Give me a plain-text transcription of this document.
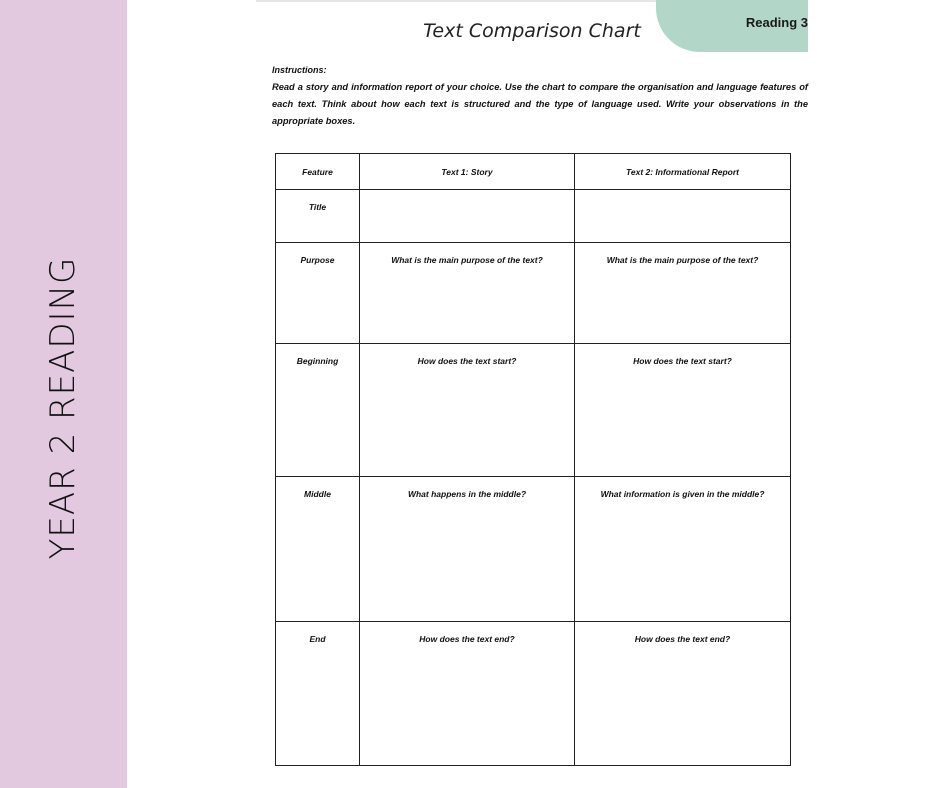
YEAR 2 READING
Reading 3
Text Comparison Chart
Instructions:
Read a story and information report of your choice. Use the chart to compare the organisation and language features of each text. Think about how each text is structured and the type of language used. Write your observations in the appropriate boxes.
Feature	Text 1: Story	Text 2: Informational Report
Title		
Purpose	What is the main purpose of the text?	What is the main purpose of the text?
Beginning	How does the text start?	How does the text start?
Middle	What happens in the middle?	What information is given in the middle?
End	How does the text end?	How does the text end?
